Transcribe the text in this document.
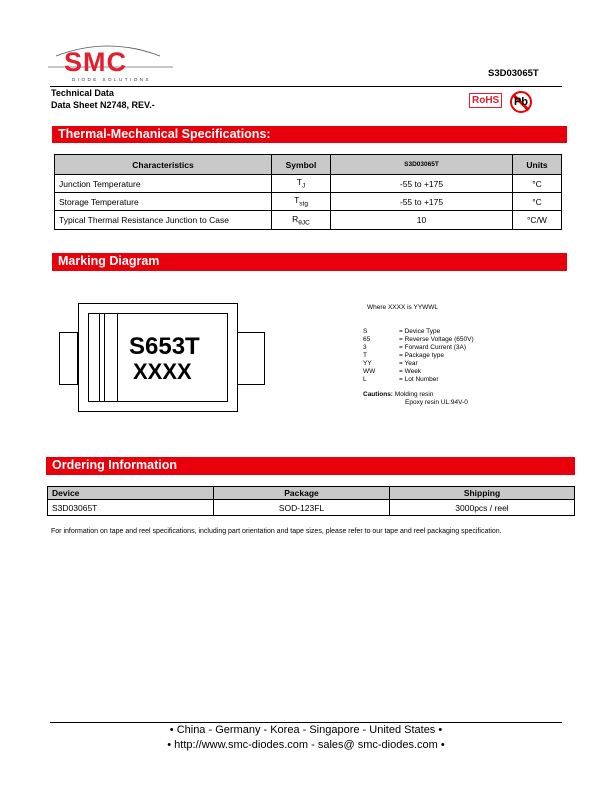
SMC
DIODE SOLUTIONS
S3D03065T
Technical Data
Data Sheet N2748, REV.-	RoHS	Pb
Thermal-Mechanical Specifications:
Characteristics	Symbol	S3D03065T	Units
Junction Temperature	$T_J$	-55 to +175	°C
Storage Temperature	$T_{stg}$	-55 to +175	°C
Typical Thermal Resistance Junction to Case	$R_{\theta JC}$	10	°C/W
Marking Diagram
S653T
XXXX
Where XXXX is YYWWL
S	= Device Type
65	= Reverse Voltage (650V)
3	= Forward Current (3A)
T	= Package type
YY	= Year
WW	= Week
L	= Lot Number
Cautions: Molding resin
Epoxy resin UL:94V-0
Ordering Information
Device	Package	Shipping
S3D03065T	SOD-123FL	3000pcs / reel
For information on tape and reel specifications, including part orientation and tape sizes, please refer to our tape and reel packaging specification.
• China - Germany - Korea - Singapore - United States •
• http://www.smc-diodes.com - sales@ smc-diodes.com •
